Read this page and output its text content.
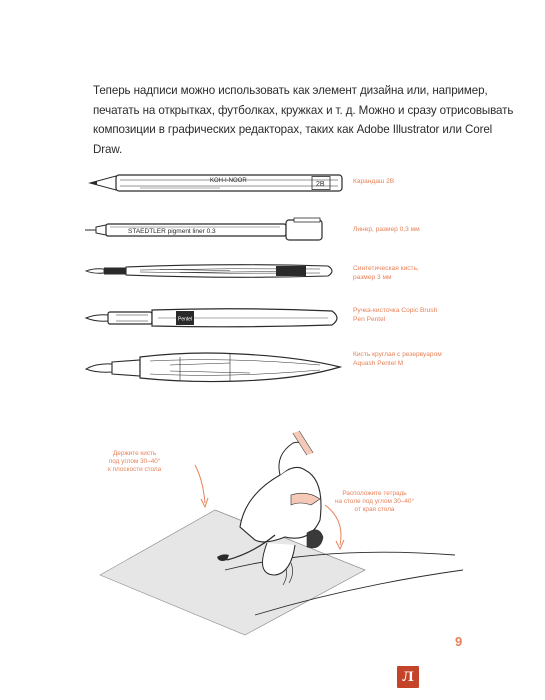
Теперь надписи можно использовать как элемент дизайна или, например,
печатать на открытках, футболках, кружках и т. д. Можно и сразу отрисовывать
композиции в графических редакторах, таких как Adobe Illustrator или Corel
Draw.
KOH-I-NOOR	2B	Карандаш 2B
STAEDTLER pigment liner 0.3	Линер, размер 0,3 мм
Синтетическая кисть,
размер 3 мм
Pentel
Ручка-кисточка Copic Brush
Pen Pentel
Кисть круглая с резервуаром
Aquash Pentel M
Держите кисть
под углом 30–40°
к плоскости стола
Расположите тетрадь
на столе под углом 30–40°
от края стола
9
Л
